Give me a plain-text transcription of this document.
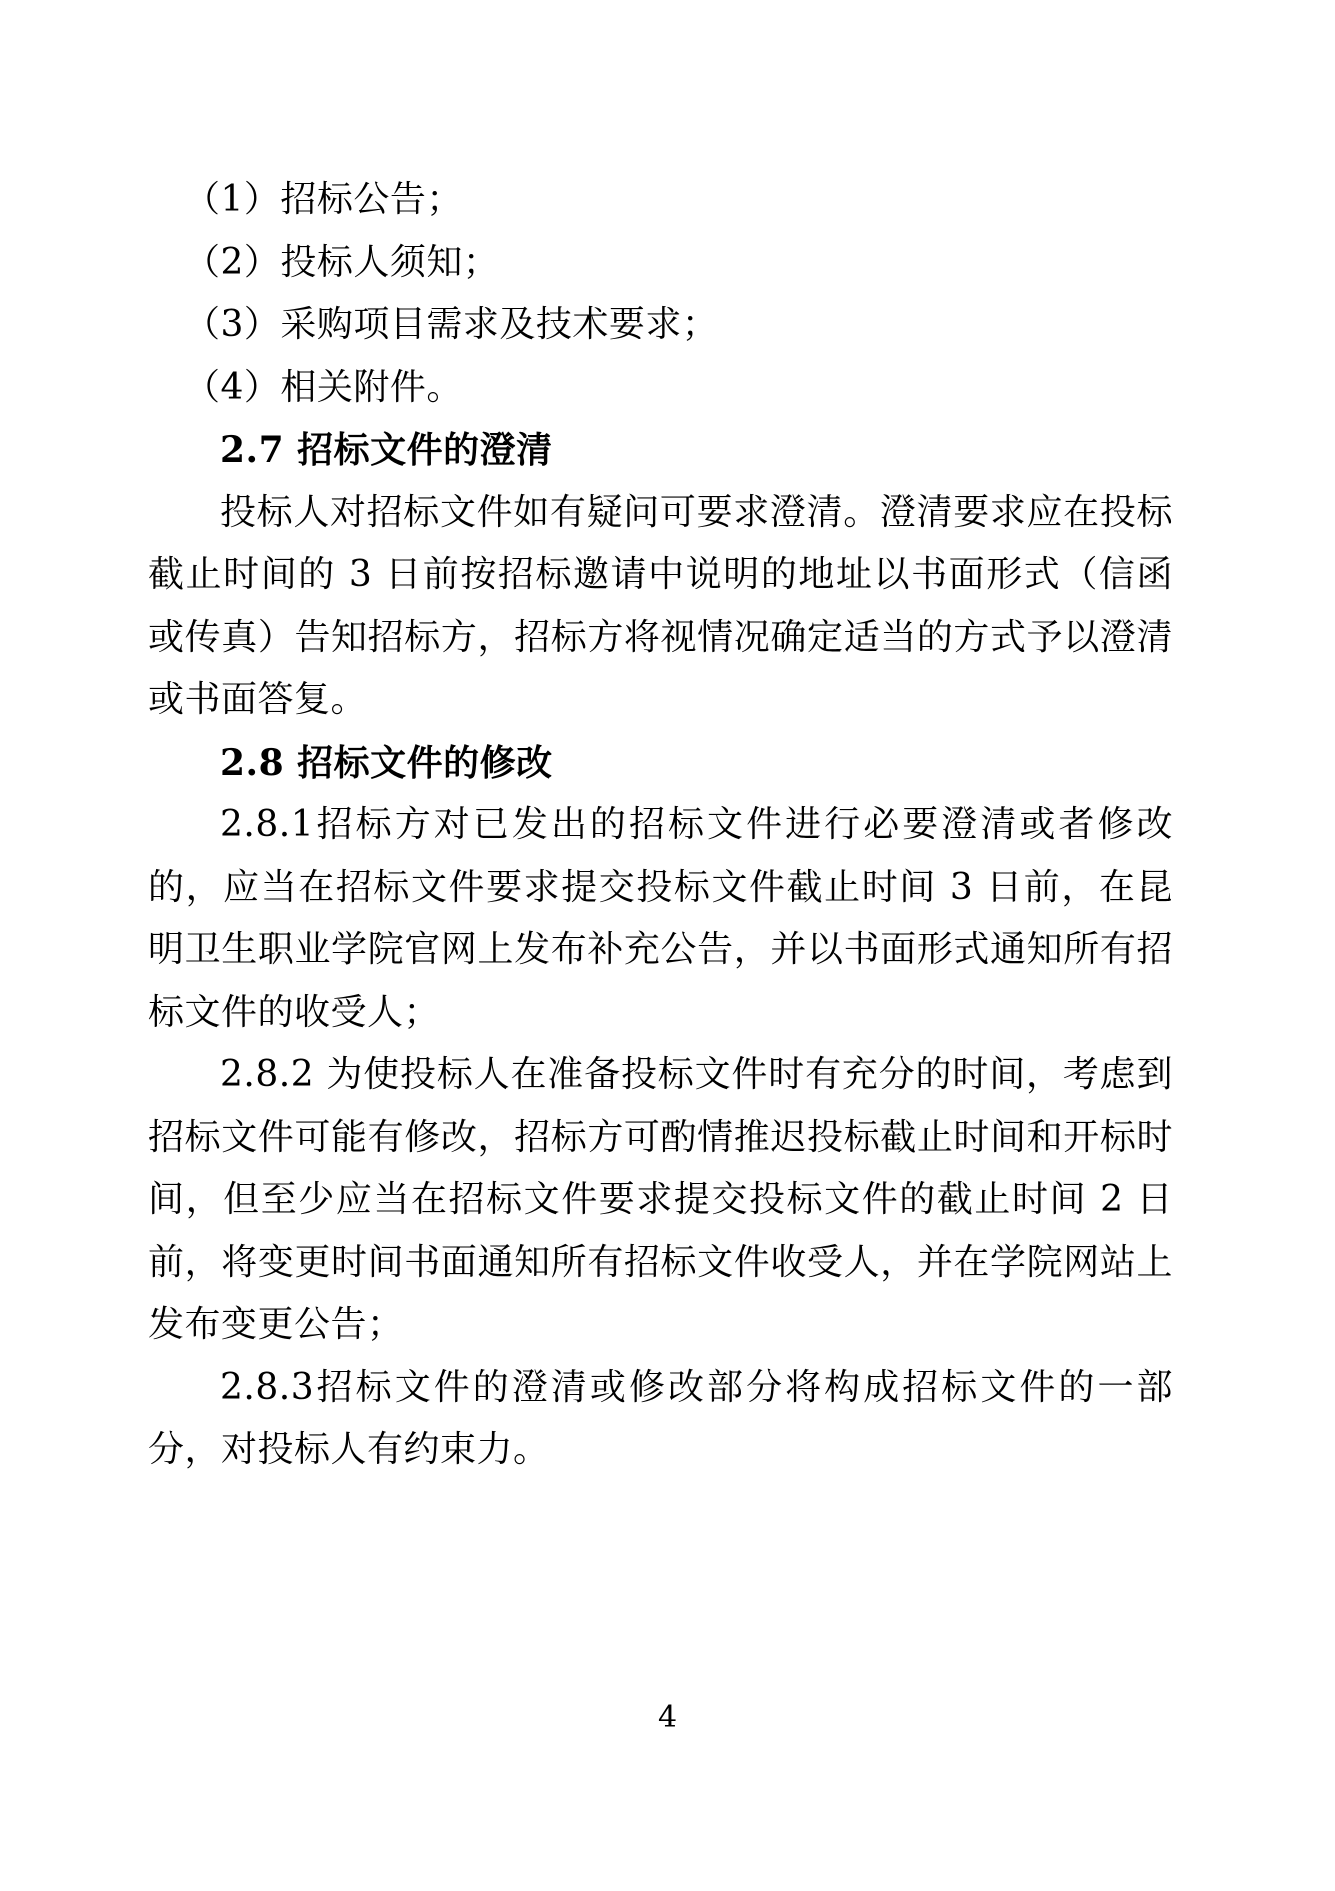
（1）招标公告；

（2）投标人须知；

（3）采购项目需求及技术要求；

（4）相关附件。

2.7 招标文件的澄清

投标人对招标文件如有疑问可要求澄清。澄清要求应在投标截止时间的 3 日前按招标邀请中说明的地址以书面形式（信函或传真）告知招标方，招标方将视情况确定适当的方式予以澄清或书面答复。

2.8 招标文件的修改

2.8.1招标方对已发出的招标文件进行必要澄清或者修改的，应当在招标文件要求提交投标文件截止时间 3 日前，在昆明卫生职业学院官网上发布补充公告，并以书面形式通知所有招标文件的收受人；

2.8.2 为使投标人在准备投标文件时有充分的时间，考虑到招标文件可能有修改，招标方可酌情推迟投标截止时间和开标时间，但至少应当在招标文件要求提交投标文件的截止时间 2 日前，将变更时间书面通知所有招标文件收受人，并在学院网站上发布变更公告；

2.8.3招标文件的澄清或修改部分将构成招标文件的一部分，对投标人有约束力。

4
